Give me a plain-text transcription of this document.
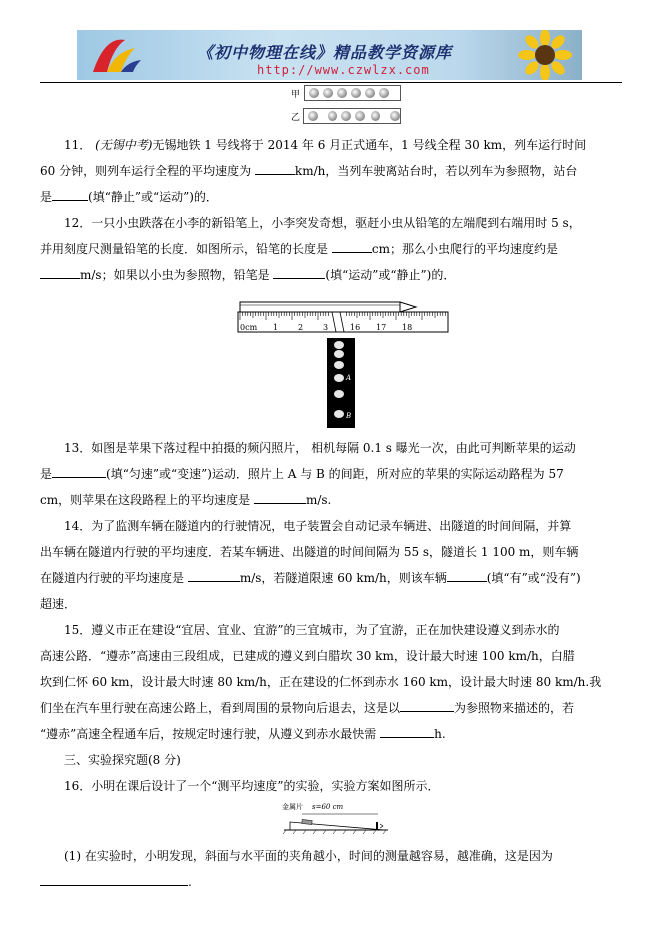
《初中物理在线》精品教学资源库
http://www.czwlzx.com
甲
乙
11． (无锡中考)无锡地铁 1 号线将于 2014 年 6 月正式通车，1 号线全程 30 km，列车运行时间
60 分钟，则列车运行全程的平均速度为	km/h，当列车驶离站台时，若以列车为参照物，站台
是	(填“静止”或“运动”)的．
12．一只小虫跌落在小李的新铅笔上，小李突发奇想，驱赶小虫从铅笔的左端爬到右端用时 5 s，
并用刻度尺测量铅笔的长度．如图所示，铅笔的长度是	cm；那么小虫爬行的平均速度约是
m/s；如果以小虫为参照物，铅笔是	(填“运动”或“静止”)的．
0cm 1 2 3	16 17 18
A
B
13．如图是苹果下落过程中拍摄的频闪照片， 相机每隔 0.1 s 曝光一次，由此可判断苹果的运动
是	(填“匀速”或“变速”)运动．照片上 A 与 B 的间距，所对应的苹果的实际运动路程为 57
cm，则苹果在这段路程上的平均速度是	m/s.
14．为了监测车辆在隧道内的行驶情况，电子装置会自动记录车辆进、出隧道的时间间隔，并算
出车辆在隧道内行驶的平均速度．若某车辆进、出隧道的时间间隔为 55 s，隧道长 1 100 m，则车辆
在隧道内行驶的平均速度是	m/s，若隧道限速 60 km/h，则该车辆	(填“有”或“没有”)
超速．
15．遵义市正在建设“宜居、宜业、宜游”的三宜城市，为了宜游，正在加快建设遵义到赤水的
高速公路．“遵赤”高速由三段组成，已建成的遵义到白腊坎 30 km，设计最大时速 100 km/h，白腊
坎到仁怀 60 km，设计最大时速 80 km/h，正在建设的仁怀到赤水 160 km，设计最大时速 80 km/h.我
们坐在汽车里行驶在高速公路上，看到周围的景物向后退去，这是以	为参照物来描述的，若
“遵赤”高速全程通车后，按规定时速行驶，从遵义到赤水最快需	h.
三、实验探究题(8 分)
16．小明在课后设计了一个“测平均速度”的实验，实验方案如图所示．
金属片 s=60 cm
(1) 在实验时，小明发现，斜面与水平面的夹角越小，时间的测量越容易，越准确，这是因为
.
